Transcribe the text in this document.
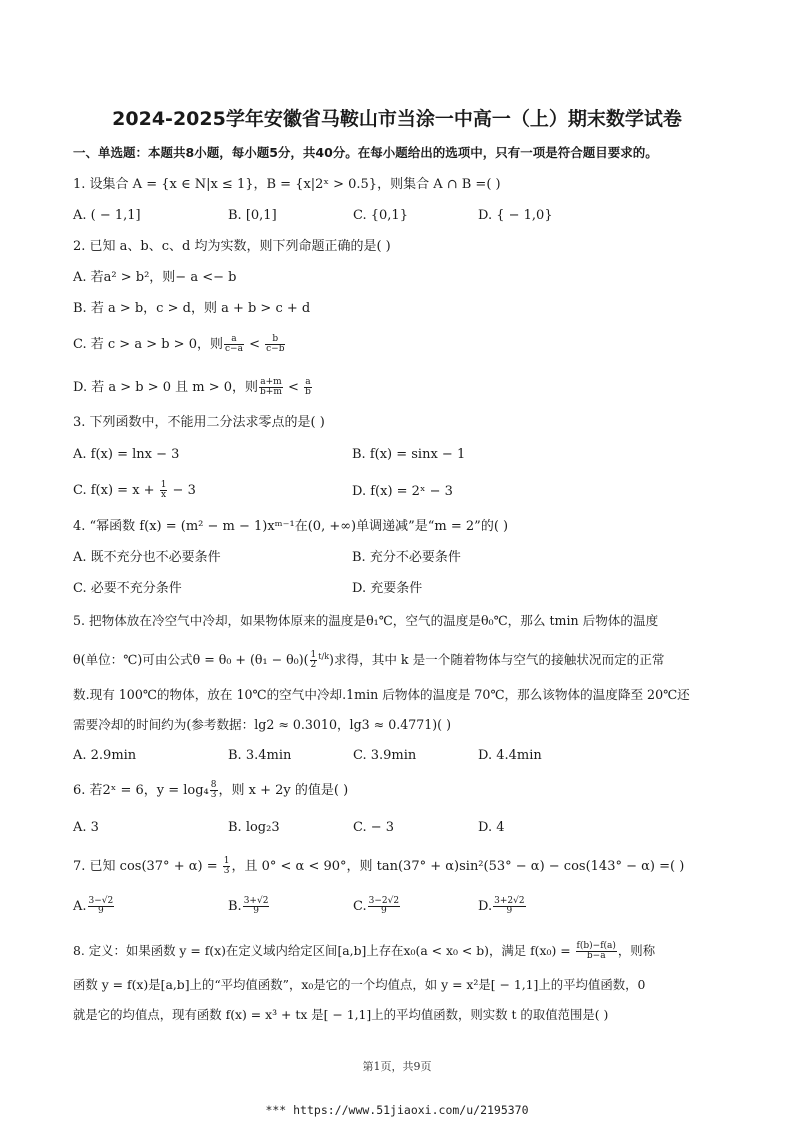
2024-2025学年安徽省马鞍山市当涂一中高一（上）期末数学试卷
一、单选题：本题共8小题，每小题5分，共40分。在每小题给出的选项中，只有一项是符合题目要求的。
1. 设集合 A = {x ∈ N|x ≤ 1}，B = {x|2ˣ > 0.5}，则集合 A ∩ B =( )
A. ( − 1,1]	B. [0,1]	C. {0,1}	D. { − 1,0}
2. 已知 a、b、c、d 均为实数，则下列命题正确的是( )
A. 若a² > b²，则− a <− b
B. 若 a > b，c > d，则 a + b > c + d
C. 若 c > a > b > 0，则 $\frac{a}{c-a} < \frac{b}{c-b}$
D. 若 a > b > 0 且 m > 0，则 $\frac{a+m}{b+m} < \frac{a}{b}$
3. 下列函数中，不能用二分法求零点的是( )
A. f(x) = lnx − 3	B. f(x) = sinx − 1
C. $f(x) = x + \frac{1}{x} - 3$	D. f(x) = 2ˣ − 3
4. “幂函数 f(x) = (m² − m − 1)xᵐ⁻¹在(0, +∞)单调递减”是“m = 2”的( )
A. 既不充分也不必要条件	B. 充分不必要条件
C. 必要不充分条件	D. 充要条件
5. 把物体放在冷空气中冷却，如果物体原来的温度是θ₁℃，空气的温度是θ₀℃，那么 tmin 后物体的温度
θ(单位：℃)可由公式$\theta = \theta_0 + (\theta_1 - \theta_0)( \frac{1}{2} ^{t/k})$求得，其中 k 是一个随着物体与空气的接触状况而定的正常
数.现有 100℃的物体，放在 10℃的空气中冷却.1min 后物体的温度是 70℃，那么该物体的温度降至 20℃还
需要冷却的时间约为(参考数据：lg2 ≈ 0.3010，lg3 ≈ 0.4771)( )
A. 2.9min	B. 3.4min	C. 3.9min	D. 4.4min
6. 若2ˣ = 6，$y = \log_4 \frac{8}{3}$ ，则 x + 2y 的值是( )
A. 3	B. log₂3	C. − 3	D. 4
7. 已知 $\cos(37^\circ + \alpha) = \frac{1}{3}$ ，且 0° < α < 90°，则 tan(37° + α)sin²(53° − α) − cos(143° − α) =( )
A. $\frac{3-√2}{9}$	B. $\frac{3+√2}{9}$	C. $\frac{3-2√2}{9}$	D. $\frac{3+2√2}{9}$
8. 定义：如果函数 y = f(x)在定义域内给定区间[a,b]上存在x₀(a < x₀ < b)，满足 $f(x_0) = \frac{f(b)-f(a)}{b-a}$ ，则称
函数 y = f(x)是[a,b]上的“平均值函数”，x₀是它的一个均值点，如 y = x²是[ − 1,1]上的平均值函数，0
就是它的均值点，现有函数 f(x) = x³ + tx 是[ − 1,1]上的平均值函数，则实数 t 的取值范围是( )
第1页，共9页
*** https://www.51jiaoxi.com/u/2195370
